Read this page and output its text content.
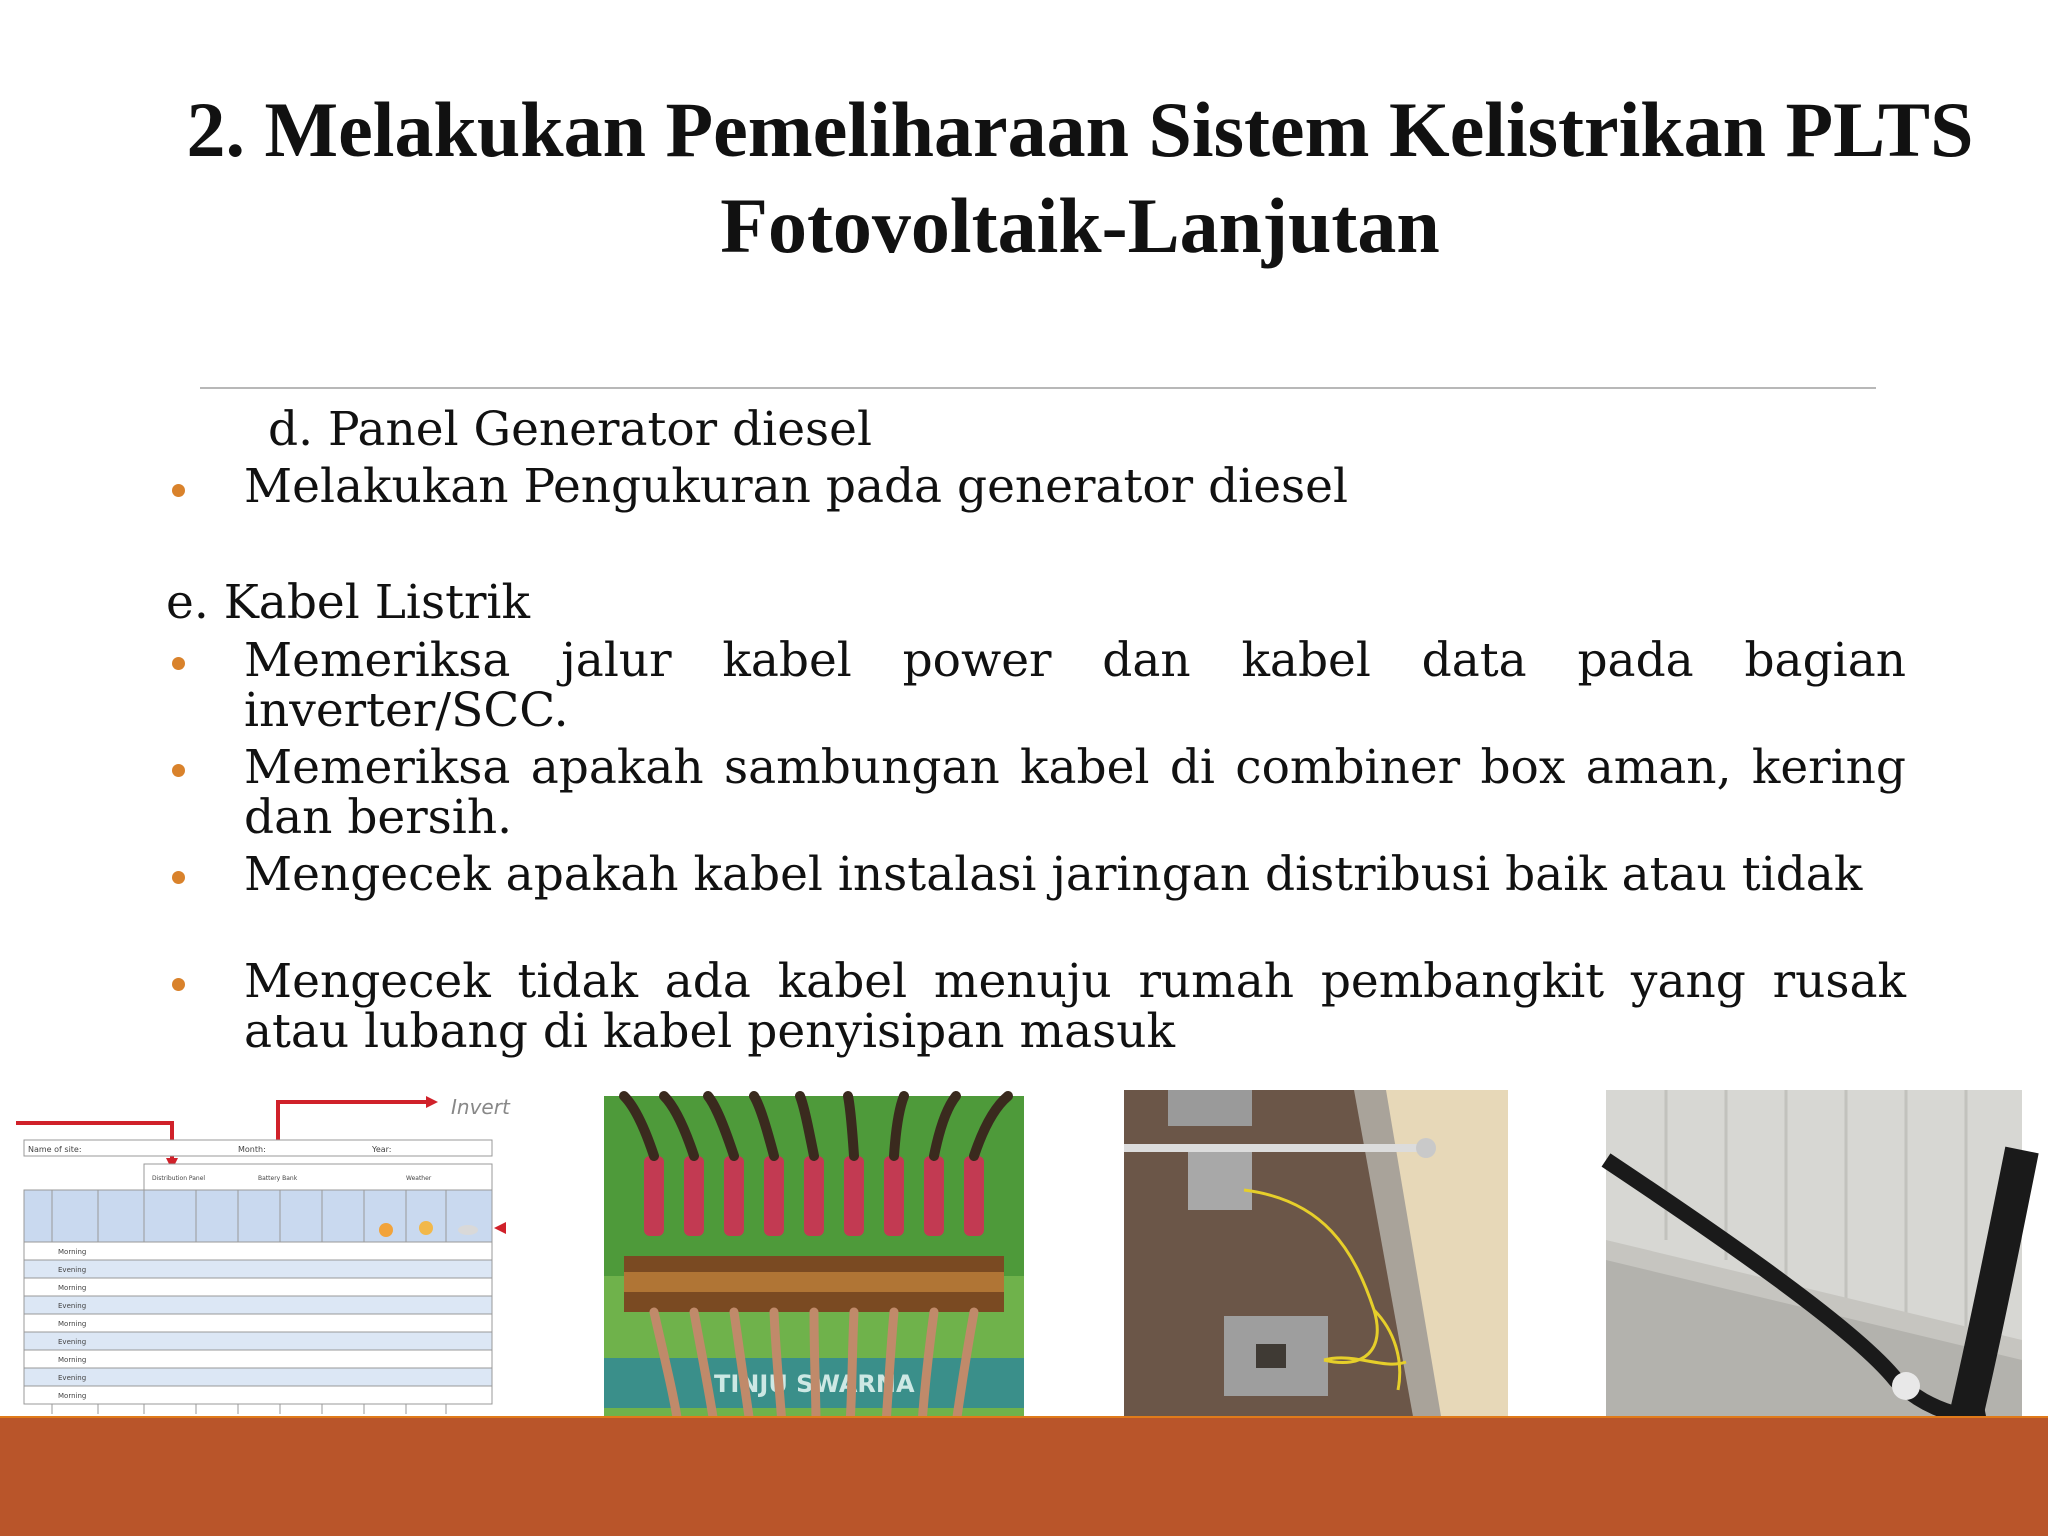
2. Melakukan Pemeliharaan Sistem Kelistrikan PLTS
Fotovoltaik-Lanjutan

d. Panel Generator diesel

Melakukan Pengukuran pada generator diesel

e. Kabel Listrik

Memeriksa jalur kabel power dan kabel data pada bagian inverter/SCC.

Memeriksa apakah sambungan kabel di combiner box aman, kering dan bersih.

Mengecek apakah kabel instalasi jaringan distribusi baik atau tidak

Mengecek tidak ada kabel menuju rumah pembangkit yang rusak atau lubang di kabel penyisipan masuk

Invert
Name of site:	Month:	Year:
Distribution Panel	Battery Bank	Weather
Morning
Evening
Morning
Evening
Morning
Evening
Morning
Evening
Morning	TINJU SWARNA
